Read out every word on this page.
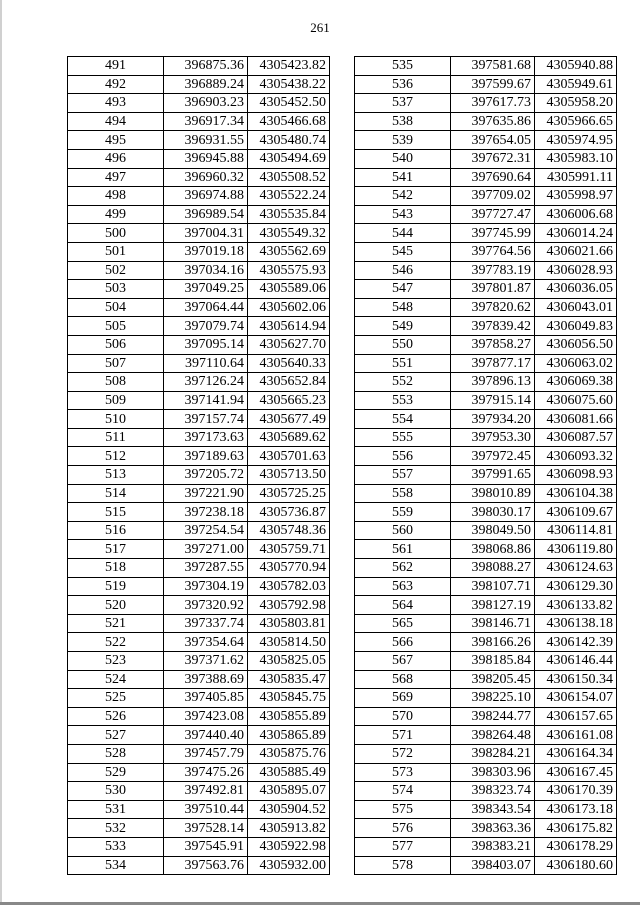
261
491	396875.36	4305423.82
492	396889.24	4305438.22
493	396903.23	4305452.50
494	396917.34	4305466.68
495	396931.55	4305480.74
496	396945.88	4305494.69
497	396960.32	4305508.52
498	396974.88	4305522.24
499	396989.54	4305535.84
500	397004.31	4305549.32
501	397019.18	4305562.69
502	397034.16	4305575.93
503	397049.25	4305589.06
504	397064.44	4305602.06
505	397079.74	4305614.94
506	397095.14	4305627.70
507	397110.64	4305640.33
508	397126.24	4305652.84
509	397141.94	4305665.23
510	397157.74	4305677.49
511	397173.63	4305689.62
512	397189.63	4305701.63
513	397205.72	4305713.50
514	397221.90	4305725.25
515	397238.18	4305736.87
516	397254.54	4305748.36
517	397271.00	4305759.71
518	397287.55	4305770.94
519	397304.19	4305782.03
520	397320.92	4305792.98
521	397337.74	4305803.81
522	397354.64	4305814.50
523	397371.62	4305825.05
524	397388.69	4305835.47
525	397405.85	4305845.75
526	397423.08	4305855.89
527	397440.40	4305865.89
528	397457.79	4305875.76
529	397475.26	4305885.49
530	397492.81	4305895.07
531	397510.44	4305904.52
532	397528.14	4305913.82
533	397545.91	4305922.98
534	397563.76	4305932.00
535	397581.68	4305940.88
536	397599.67	4305949.61
537	397617.73	4305958.20
538	397635.86	4305966.65
539	397654.05	4305974.95
540	397672.31	4305983.10
541	397690.64	4305991.11
542	397709.02	4305998.97
543	397727.47	4306006.68
544	397745.99	4306014.24
545	397764.56	4306021.66
546	397783.19	4306028.93
547	397801.87	4306036.05
548	397820.62	4306043.01
549	397839.42	4306049.83
550	397858.27	4306056.50
551	397877.17	4306063.02
552	397896.13	4306069.38
553	397915.14	4306075.60
554	397934.20	4306081.66
555	397953.30	4306087.57
556	397972.45	4306093.32
557	397991.65	4306098.93
558	398010.89	4306104.38
559	398030.17	4306109.67
560	398049.50	4306114.81
561	398068.86	4306119.80
562	398088.27	4306124.63
563	398107.71	4306129.30
564	398127.19	4306133.82
565	398146.71	4306138.18
566	398166.26	4306142.39
567	398185.84	4306146.44
568	398205.45	4306150.34
569	398225.10	4306154.07
570	398244.77	4306157.65
571	398264.48	4306161.08
572	398284.21	4306164.34
573	398303.96	4306167.45
574	398323.74	4306170.39
575	398343.54	4306173.18
576	398363.36	4306175.82
577	398383.21	4306178.29
578	398403.07	4306180.60
